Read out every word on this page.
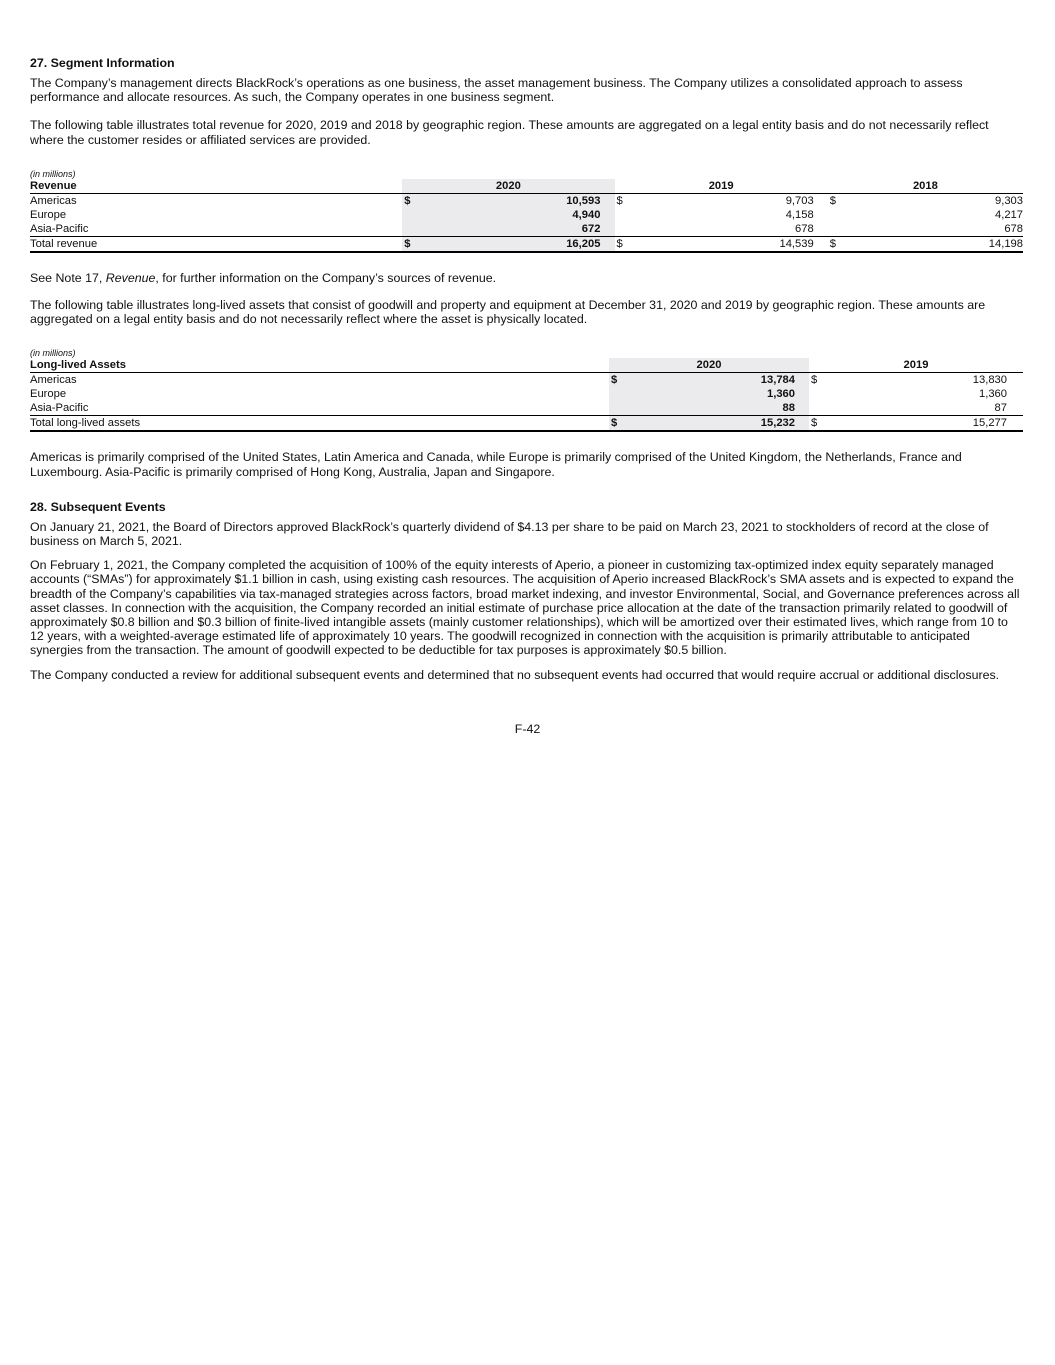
27. Segment Information

The Company’s management directs BlackRock’s operations as one business, the asset management business. The Company utilizes a consolidated approach to assess performance and allocate resources. As such, the Company operates in one business segment.

The following table illustrates total revenue for 2020, 2019 and 2018 by geographic region. These amounts are aggregated on a legal entity basis and do not necessarily reflect where the customer resides or affiliated services are provided.

(in millions)
Revenue	2020			2019			2018	
Americas	$	10,593		$	9,703		$	9,303
Europe		4,940			4,158			4,217
Asia-Pacific		672			678			678
Total revenue	$	16,205		$	14,539		$	14,198

See Note 17, Revenue, for further information on the Company’s sources of revenue.

The following table illustrates long-lived assets that consist of goodwill and property and equipment at December 31, 2020 and 2019 by geographic region. These amounts are aggregated on a legal entity basis and do not necessarily reflect where the asset is physically located.

(in millions)
Long-lived Assets	2020			2019		
Americas	$	13,784		$	13,830	
Europe		1,360			1,360	
Asia-Pacific		88			87	
Total long-lived assets	$	15,232		$	15,277	

Americas is primarily comprised of the United States, Latin America and Canada, while Europe is primarily comprised of the United Kingdom, the Netherlands, France and Luxembourg. Asia-Pacific is primarily comprised of Hong Kong, Australia, Japan and Singapore.

28. Subsequent Events

On January 21, 2021, the Board of Directors approved BlackRock’s quarterly dividend of $4.13 per share to be paid on March 23, 2021 to stockholders of record at the close of business on March 5, 2021.

On February 1, 2021, the Company completed the acquisition of 100% of the equity interests of Aperio, a pioneer in customizing tax-optimized index equity separately managed accounts (“SMAs”) for approximately $1.1 billion in cash, using existing cash resources. The acquisition of Aperio increased BlackRock’s SMA assets and is expected to expand the breadth of the Company’s capabilities via tax-managed strategies across factors, broad market indexing, and investor Environmental, Social, and Governance preferences across all asset classes. In connection with the acquisition, the Company recorded an initial estimate of purchase price allocation at the date of the transaction primarily related to goodwill of approximately $0.8 billion and $0.3 billion of finite-lived intangible assets (mainly customer relationships), which will be amortized over their estimated lives, which range from 10 to 12 years, with a weighted-average estimated life of approximately 10 years. The goodwill recognized in connection with the acquisition is primarily attributable to anticipated synergies from the transaction. The amount of goodwill expected to be deductible for tax purposes is approximately $0.5 billion.

The Company conducted a review for additional subsequent events and determined that no subsequent events had occurred that would require accrual or additional disclosures.

F-42
